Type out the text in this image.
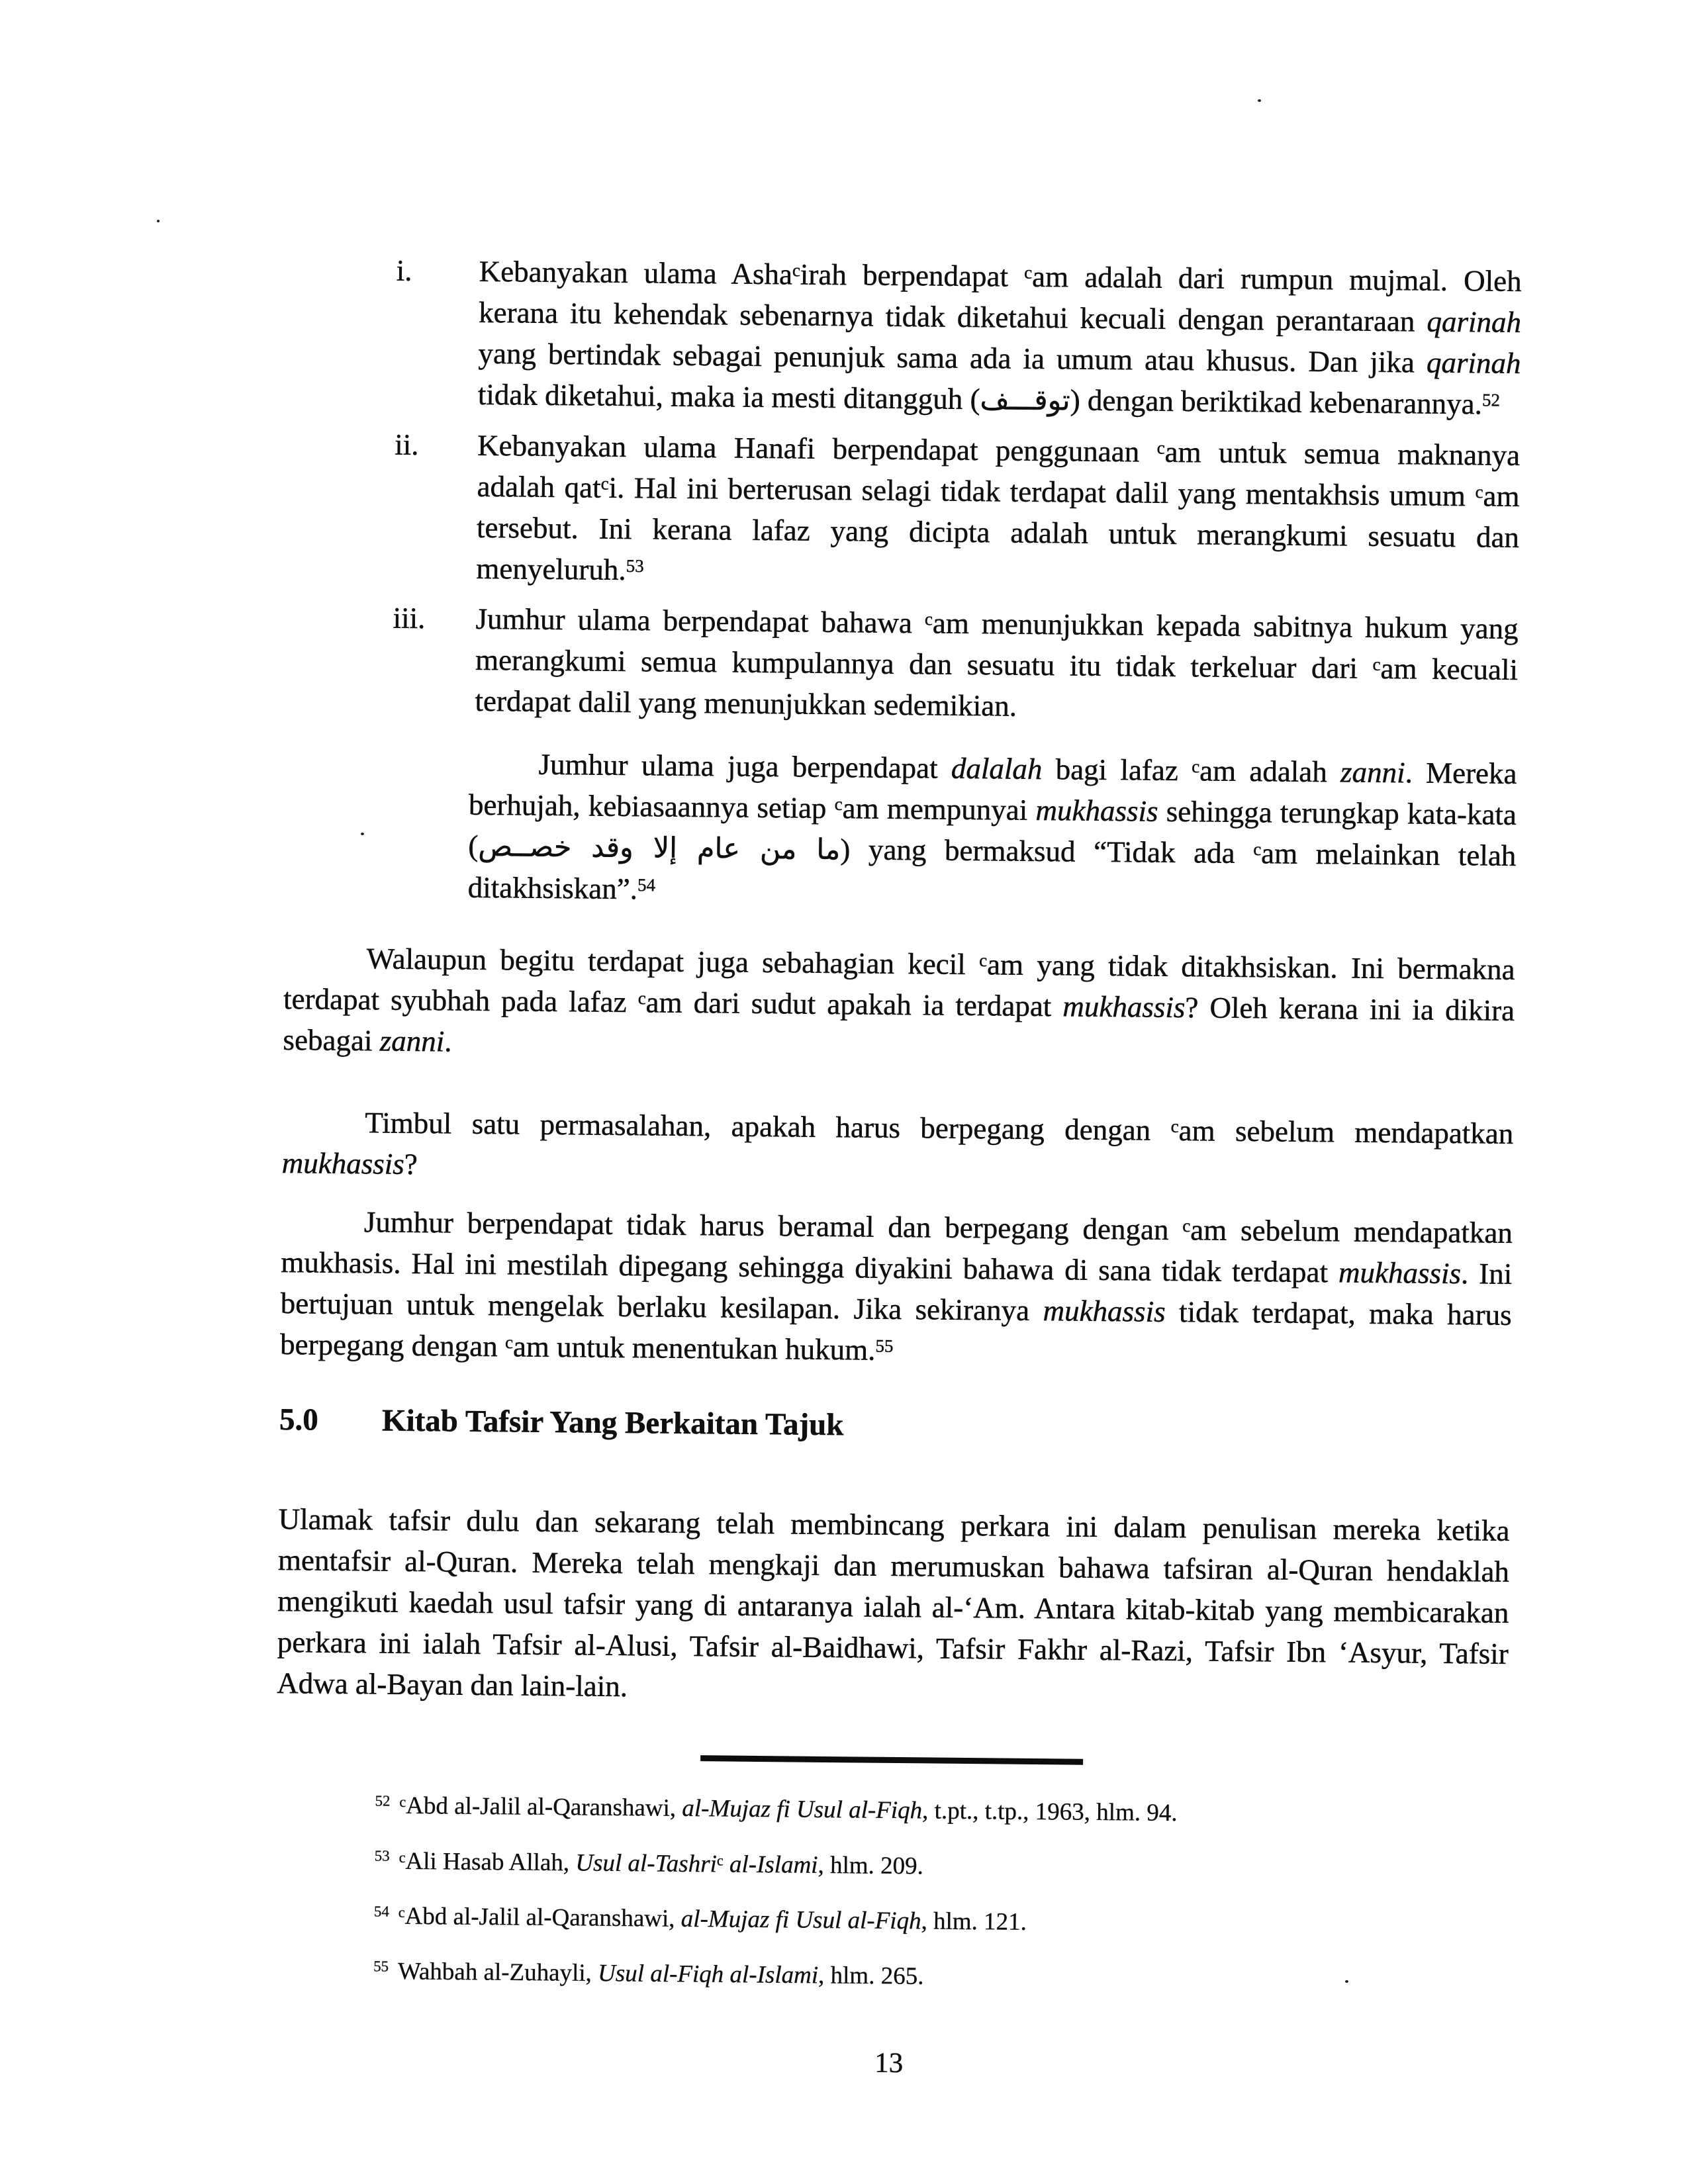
i. Kebanyakan ulama Asha$^c$irah berpendapat $^c$am adalah dari rumpun mujmal. Oleh kerana itu kehendak sebenarnya tidak diketahui kecuali dengan perantaraan qarinah yang bertindak sebagai penunjuk sama ada ia umum atau khusus. Dan jika qarinah tidak diketahui, maka ia mesti ditangguh (توقـــف) dengan beriktikad kebenarannya.$^{52}$
ii. Kebanyakan ulama Hanafi berpendapat penggunaan $^c$am untuk semua maknanya adalah qat$^c$i. Hal ini berterusan selagi tidak terdapat dalil yang mentakhsis umum $^c$am tersebut. Ini kerana lafaz yang dicipta adalah untuk merangkumi sesuatu dan menyeluruh.$^{53}$
iii. Jumhur ulama berpendapat bahawa $^c$am menunjukkan kepada sabitnya hukum yang merangkumi semua kumpulannya dan sesuatu itu tidak terkeluar dari $^c$am kecuali terdapat dalil yang menunjukkan sedemikian.
Jumhur ulama juga berpendapat dalalah bagi lafaz $^c$am adalah zanni. Mereka berhujah, kebiasaannya setiap $^c$am mempunyai mukhassis sehingga terungkap kata-kata (ما من عام إلا وقد خصــص) yang bermaksud “Tidak ada $^c$am melainkan telah ditakhsiskan”.$^{54}$

Walaupun begitu terdapat juga sebahagian kecil $^c$am yang tidak ditakhsiskan. Ini bermakna terdapat syubhah pada lafaz $^c$am dari sudut apakah ia terdapat mukhassis? Oleh kerana ini ia dikira sebagai zanni.

Timbul satu permasalahan, apakah harus berpegang dengan $^c$am sebelum mendapatkan mukhassis?

Jumhur berpendapat tidak harus beramal dan berpegang dengan $^c$am sebelum mendapatkan mukhasis. Hal ini mestilah dipegang sehingga diyakini bahawa di sana tidak terdapat mukhassis. Ini bertujuan untuk mengelak berlaku kesilapan. Jika sekiranya mukhassis tidak terdapat, maka harus berpegang dengan $^c$am untuk menentukan hukum.$^{55}$

5.0	Kitab Tafsir Yang Berkaitan Tajuk

Ulamak tafsir dulu dan sekarang telah membincang perkara ini dalam penulisan mereka ketika mentafsir al-Quran. Mereka telah mengkaji dan merumuskan bahawa tafsiran al-Quran hendaklah mengikuti kaedah usul tafsir yang di antaranya ialah al-‘Am. Antara kitab-kitab yang membicarakan perkara ini ialah Tafsir al-Alusi, Tafsir al-Baidhawi, Tafsir Fakhr al-Razi, Tafsir Ibn ‘Asyur, Tafsir Adwa al-Bayan dan lain-lain.

$^{52}$ $^c$Abd al-Jalil al-Qaranshawi, al-Mujaz fi Usul al-Fiqh, t.pt., t.tp., 1963, hlm. 94.

$^{53}$ $^c$Ali Hasab Allah, Usul al-Tashri$^c$ al-Islami, hlm. 209.

$^{54}$ $^c$Abd al-Jalil al-Qaranshawi, al-Mujaz fi Usul al-Fiqh, hlm. 121.

$^{55}$ Wahbah al-Zuhayli, Usul al-Fiqh al-Islami, hlm. 265.

13
